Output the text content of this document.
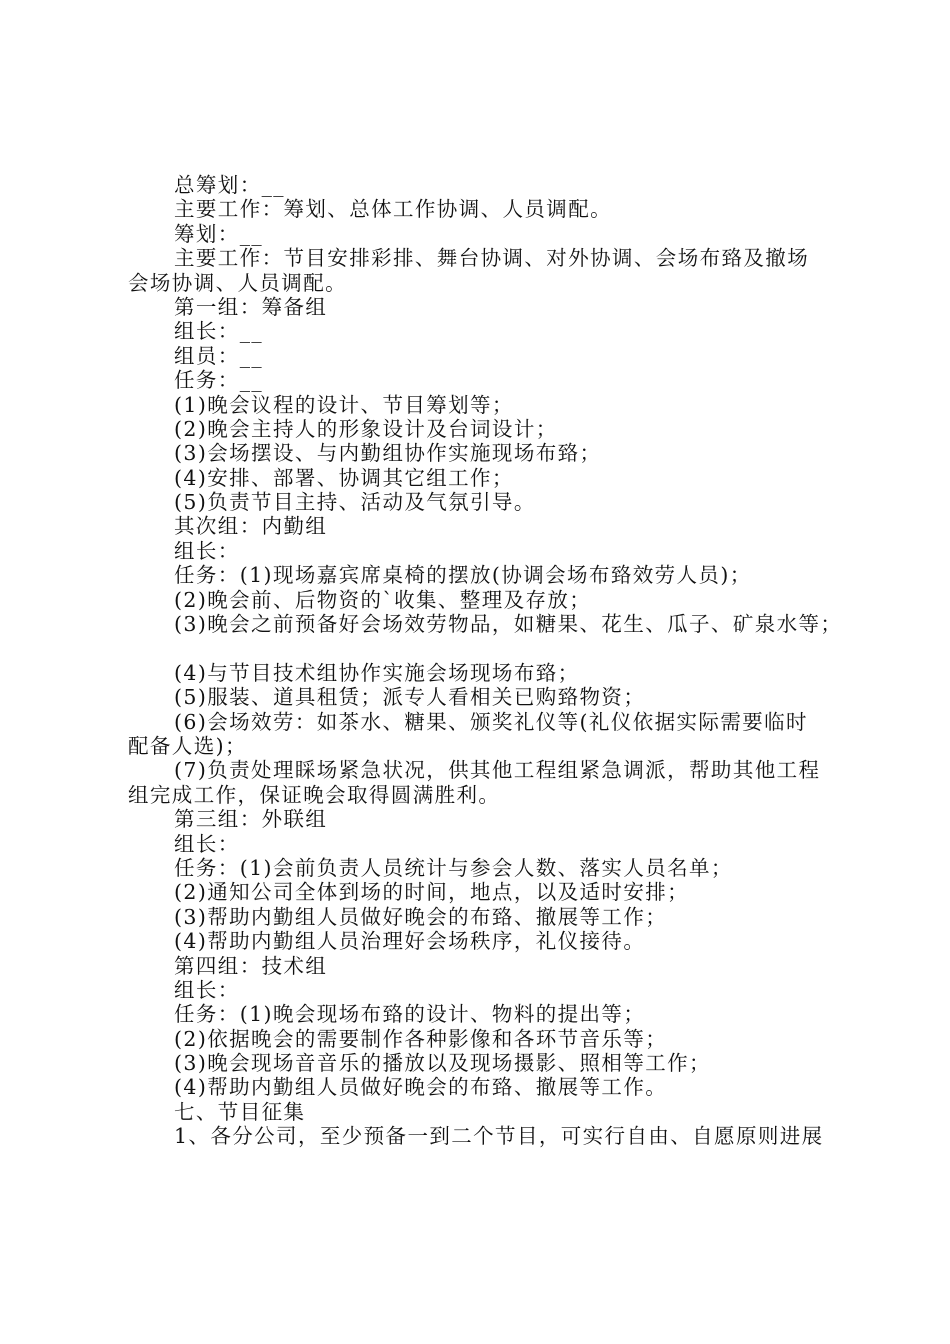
总筹划：__
主要工作：筹划、总体工作协调、人员调配。
筹划：__
主要工作：节目安排彩排、舞台协调、对外协调、会场布臵及撤场
会场协调、人员调配。
第一组：筹备组
组长：__
组员：__
任务：__
(1)晚会议程的设计、节目筹划等；
(2)晚会主持人的形象设计及台词设计；
(3)会场摆设、与内勤组协作实施现场布臵；
(4)安排、部署、协调其它组工作；
(5)负责节目主持、活动及气氛引导。
其次组：内勤组
组长：
任务：(1)现场嘉宾席桌椅的摆放(协调会场布臵效劳人员)；
(2)晚会前、后物资的`收集、整理及存放；
(3)晚会之前预备好会场效劳物品，如糖果、花生、瓜子、矿泉水等；
(4)与节目技术组协作实施会场现场布臵；
(5)服装、道具租赁；派专人看相关已购臵物资；
(6)会场效劳：如茶水、糖果、颁奖礼仪等(礼仪依据实际需要临时
配备人选)；
(7)负责处理睬场紧急状况，供其他工程组紧急调派，帮助其他工程
组完成工作，保证晚会取得圆满胜利。
第三组：外联组
组长：
任务：(1)会前负责人员统计与参会人数、落实人员名单；
(2)通知公司全体到场的时间，地点，以及适时安排；
(3)帮助内勤组人员做好晚会的布臵、撤展等工作；
(4)帮助内勤组人员治理好会场秩序，礼仪接待。
第四组：技术组
组长：
任务：(1)晚会现场布臵的设计、物料的提出等；
(2)依据晚会的需要制作各种影像和各环节音乐等；
(3)晚会现场音音乐的播放以及现场摄影、照相等工作；
(4)帮助内勤组人员做好晚会的布臵、撤展等工作。
七、节目征集
1、各分公司，至少预备一到二个节目，可实行自由、自愿原则进展
